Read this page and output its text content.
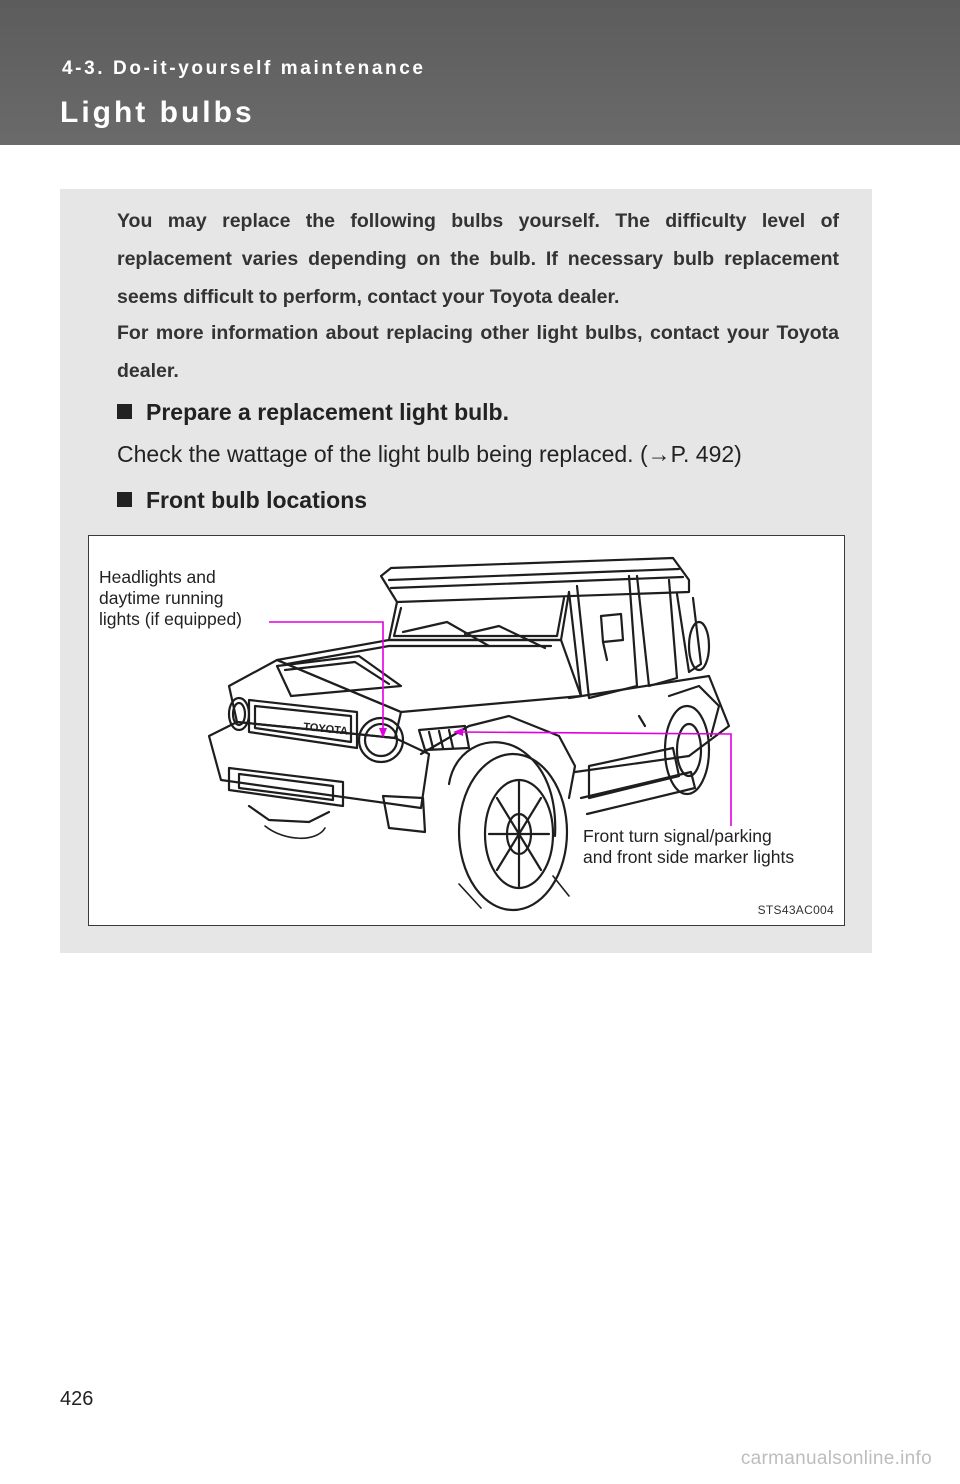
4-3. Do-it-yourself maintenance
Light bulbs
You may replace the following bulbs yourself. The difficulty level of replacement varies depending on the bulb. If necessary bulb replacement seems difficult to perform, contact your Toyota dealer.
For more information about replacing other light bulbs, contact your Toyota dealer.
Prepare a replacement light bulb.
Check the wattage of the light bulb being replaced. (→P. 492)
Front bulb locations
TOYOTA
Headlights and
daytime running
lights (if equipped)
Front turn signal/parking
and front side marker lights
STS43AC004
426
carmanualsonline.info
